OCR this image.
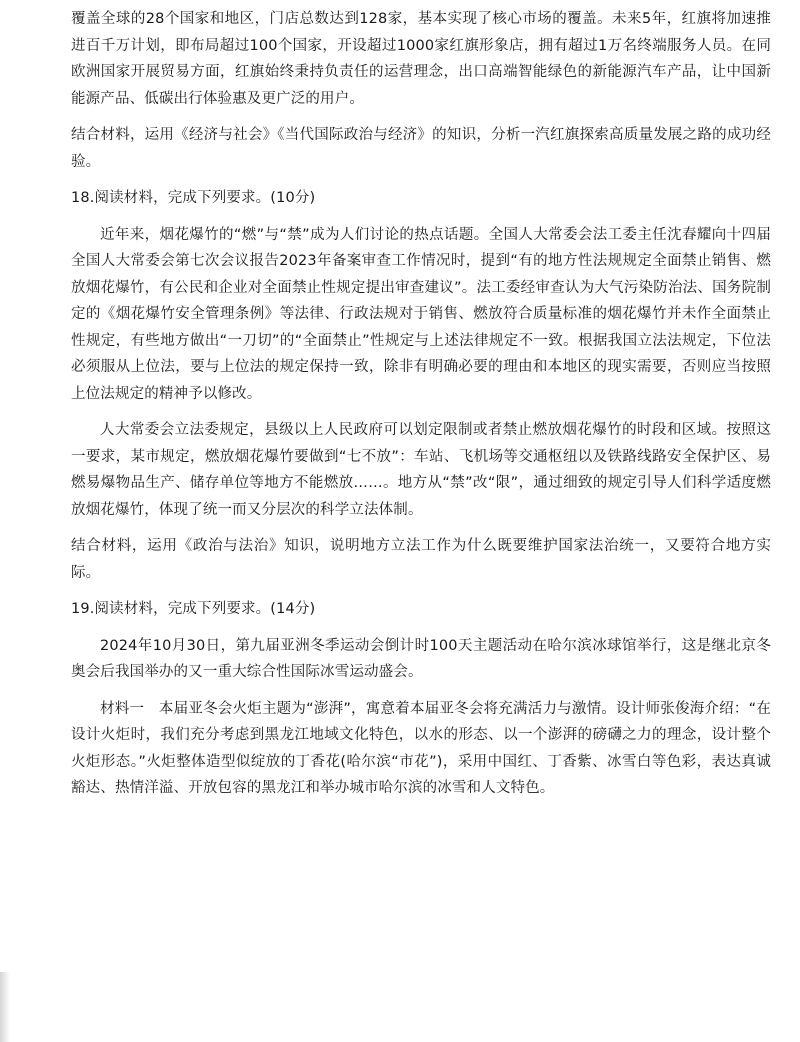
覆盖全球的28个国家和地区，门店总数达到128家，基本实现了核心市场的覆盖。未来5年，红旗将加速推进百千万计划，即布局超过100个国家，开设超过1000家红旗形象店，拥有超过1万名终端服务人员。在同欧洲国家开展贸易方面，红旗始终秉持负责任的运营理念，出口高端智能绿色的新能源汽车产品，让中国新能源产品、低碳出行体验惠及更广泛的用户。

结合材料，运用《经济与社会》《当代国际政治与经济》的知识，分析一汽红旗探索高质量发展之路的成功经验。

18.阅读材料，完成下列要求。(10分)

近年来，烟花爆竹的“燃”与“禁”成为人们讨论的热点话题。全国人大常委会法工委主任沈春耀向十四届全国人大常委会第七次会议报告2023年备案审查工作情况时，提到“有的地方性法规规定全面禁止销售、燃放烟花爆竹，有公民和企业对全面禁止性规定提出审查建议”。法工委经审查认为大气污染防治法、国务院制定的《烟花爆竹安全管理条例》等法律、行政法规对于销售、燃放符合质量标准的烟花爆竹并未作全面禁止性规定，有些地方做出“一刀切”的“全面禁止”性规定与上述法律规定不一致。根据我国立法法规定，下位法必须服从上位法，要与上位法的规定保持一致，除非有明确必要的理由和本地区的现实需要，否则应当按照上位法规定的精神予以修改。

人大常委会立法委规定，县级以上人民政府可以划定限制或者禁止燃放烟花爆竹的时段和区域。按照这一要求，某市规定，燃放烟花爆竹要做到“七不放”：车站、飞机场等交通枢纽以及铁路线路安全保护区、易燃易爆物品生产、储存单位等地方不能燃放……。地方从“禁”改“限”，通过细致的规定引导人们科学适度燃放烟花爆竹，体现了统一而又分层次的科学立法体制。

结合材料，运用《政治与法治》知识，说明地方立法工作为什么既要维护国家法治统一，又要符合地方实际。

19.阅读材料，完成下列要求。(14分)

2024年10月30日，第九届亚洲冬季运动会倒计时100天主题活动在哈尔滨冰球馆举行，这是继北京冬奥会后我国举办的又一重大综合性国际冰雪运动盛会。

材料一　本届亚冬会火炬主题为“澎湃”，寓意着本届亚冬会将充满活力与激情。设计师张俊海介绍：“在设计火炬时，我们充分考虑到黑龙江地域文化特色，以水的形态、以一个澎湃的磅礴之力的理念，设计整个火炬形态。”火炬整体造型似绽放的丁香花(哈尔滨“市花”)，采用中国红、丁香紫、冰雪白等色彩，表达真诚豁达、热情洋溢、开放包容的黑龙江和举办城市哈尔滨的冰雪和人文特色。
